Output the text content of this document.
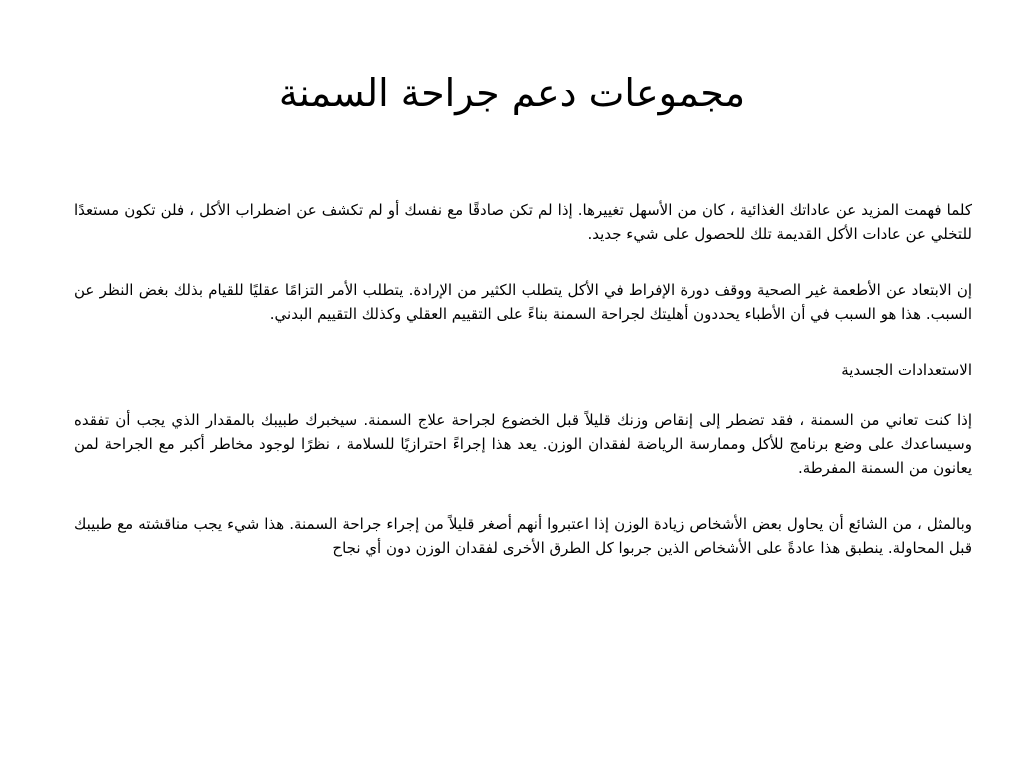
مجموعات دعم جراحة السمنة

كلما فهمت المزيد عن عاداتك الغذائية ، كان من الأسهل تغييرها. إذا لم تكن صادقًا مع نفسك أو لم تكشف عن اضطراب الأكل ، فلن تكون مستعدًا للتخلي عن عادات الأكل القديمة تلك للحصول على شيء جديد.

إن الابتعاد عن الأطعمة غير الصحية ووقف دورة الإفراط في الأكل يتطلب الكثير من الإرادة. يتطلب الأمر التزامًا عقليًا للقيام بذلك بغض النظر عن السبب. هذا هو السبب في أن الأطباء يحددون أهليتك لجراحة السمنة بناءً على التقييم العقلي وكذلك التقييم البدني.

الاستعدادات الجسدية

إذا كنت تعاني من السمنة ، فقد تضطر إلى إنقاص وزنك قليلاً قبل الخضوع لجراحة علاج السمنة. سيخبرك طبيبك بالمقدار الذي يجب أن تفقده وسيساعدك على وضع برنامج للأكل وممارسة الرياضة لفقدان الوزن. يعد هذا إجراءً احترازيًا للسلامة ، نظرًا لوجود مخاطر أكبر مع الجراحة لمن يعانون من السمنة المفرطة.

وبالمثل ، من الشائع أن يحاول بعض الأشخاص زيادة الوزن إذا اعتبروا أنهم أصغر قليلاً من إجراء جراحة السمنة. هذا شيء يجب مناقشته مع طبيبك قبل المحاولة. ينطبق هذا عادةً على الأشخاص الذين جربوا كل الطرق الأخرى لفقدان الوزن دون أي نجاح
